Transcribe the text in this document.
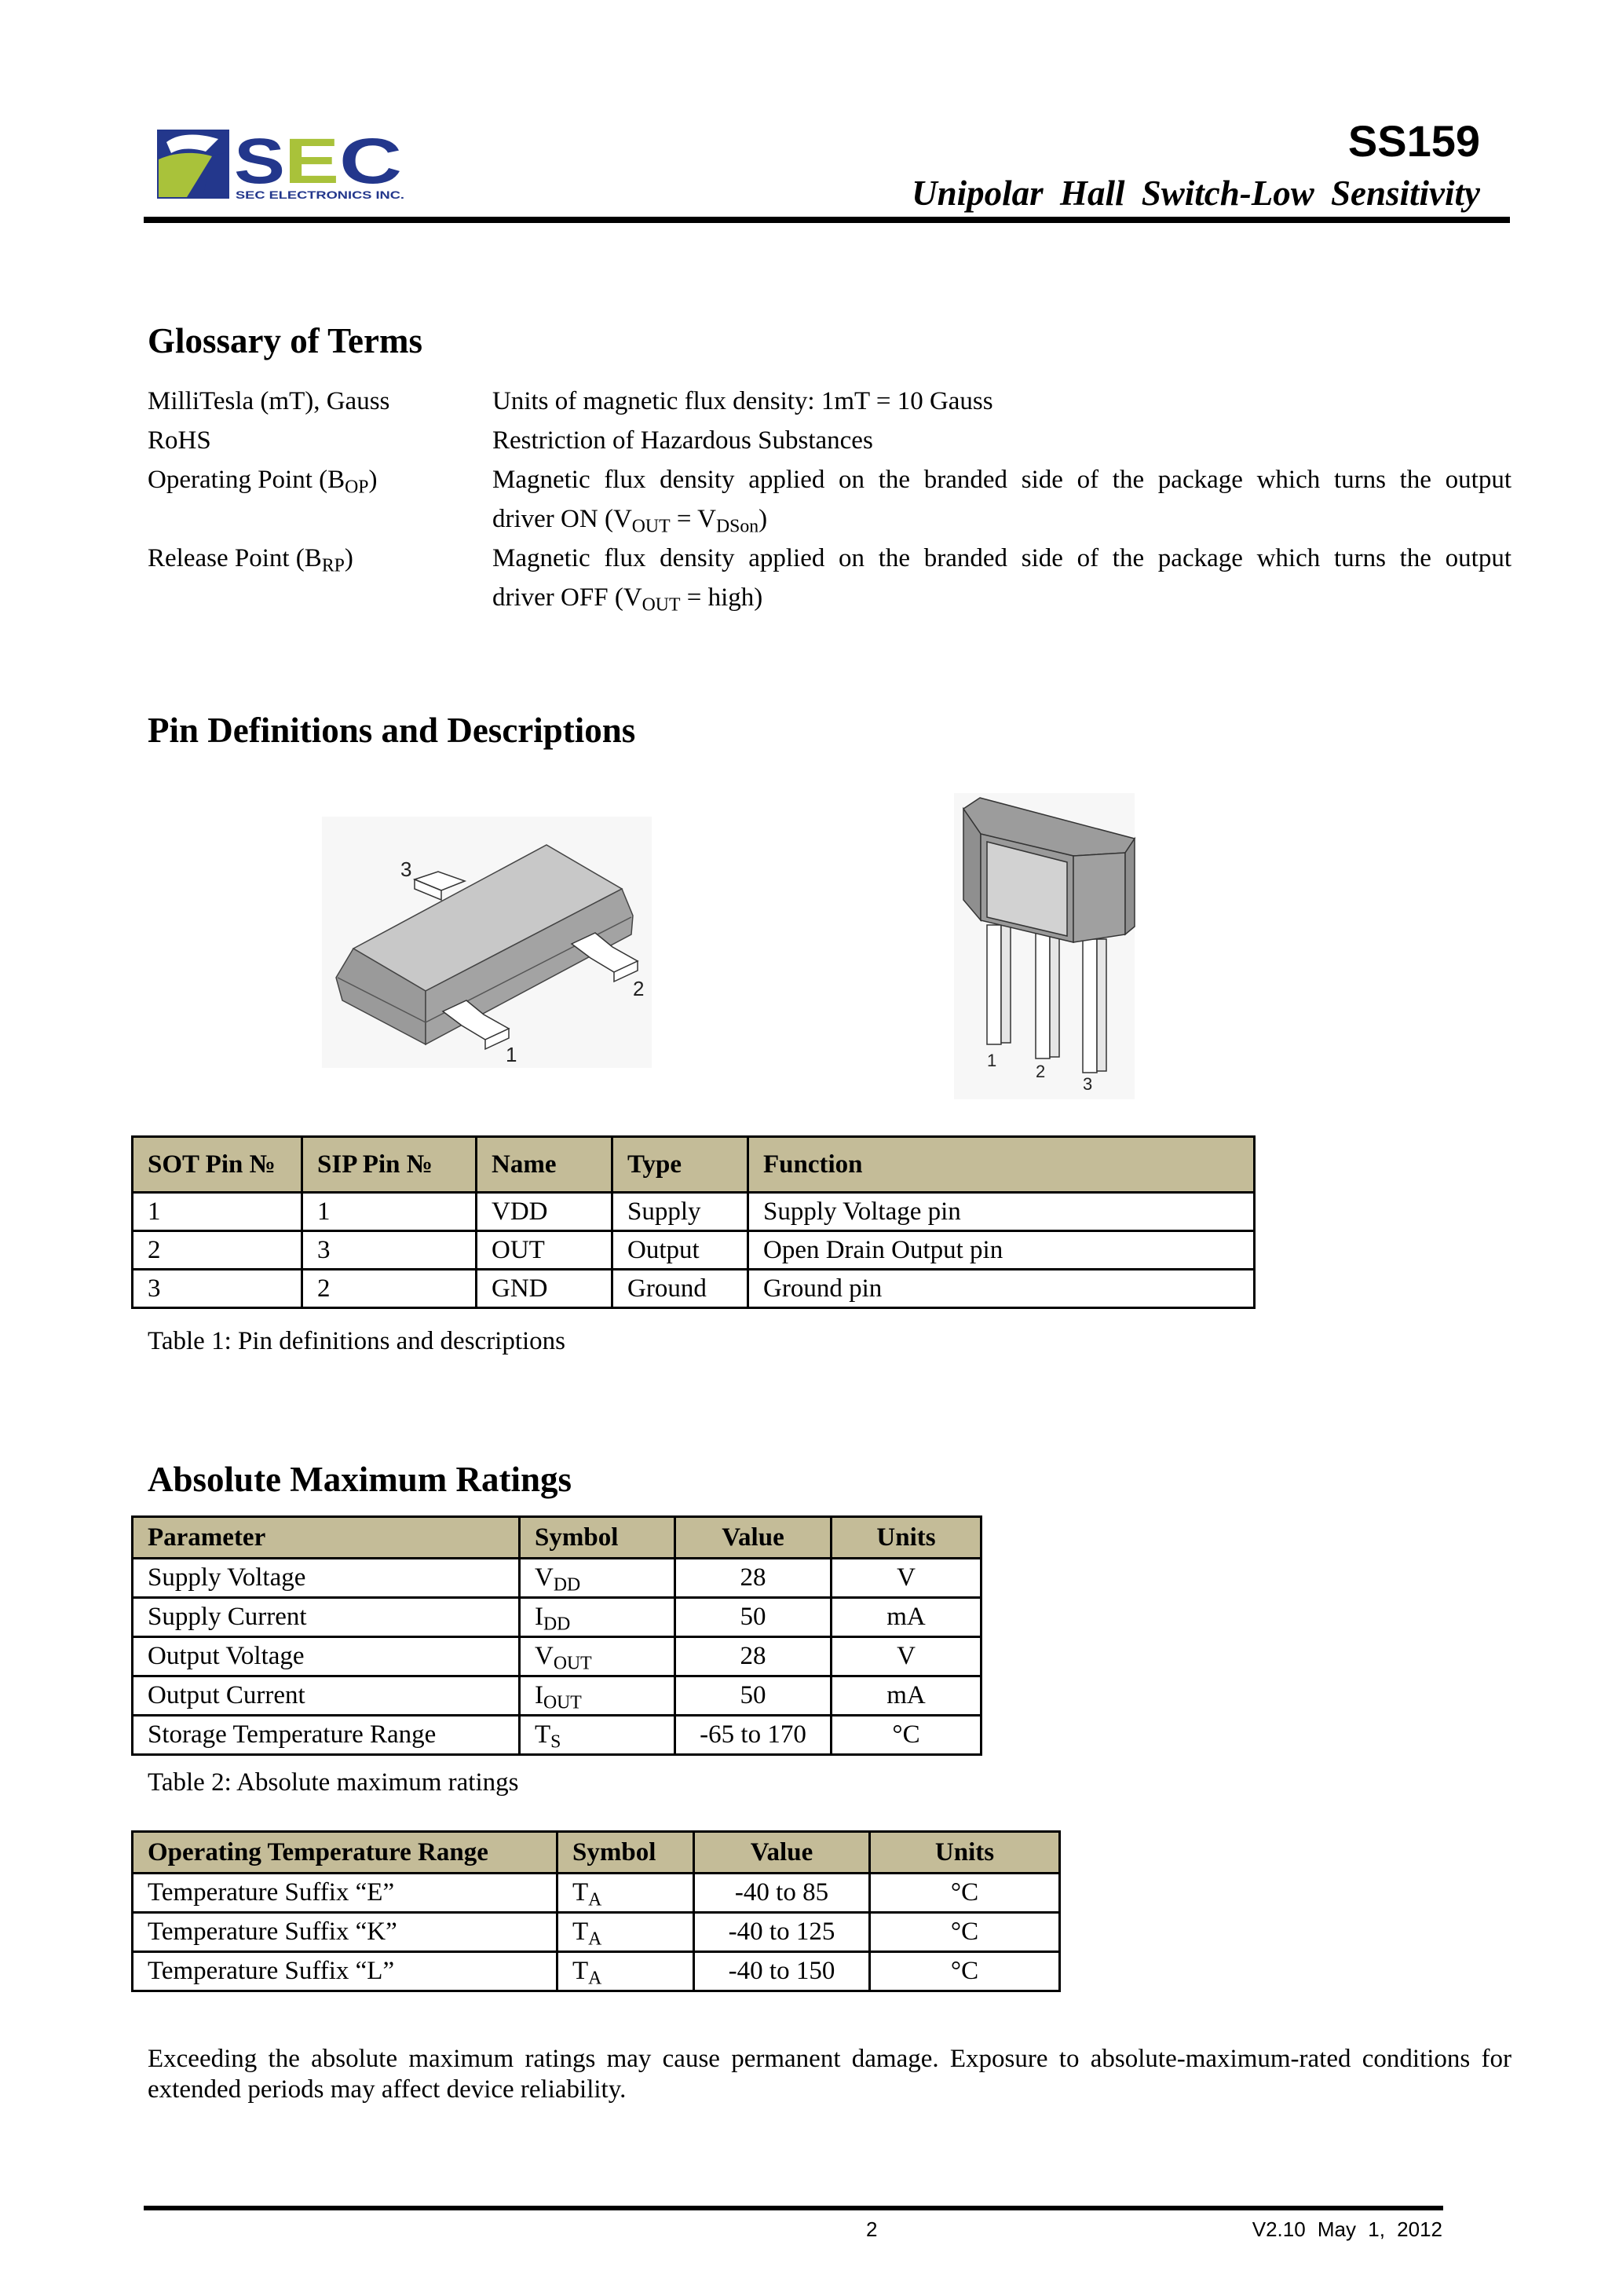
S E C
SEC ELECTRONICS INC.
SS159
Unipolar Hall Switch-Low Sensitivity
Glossary of Terms
MilliTesla (mT), Gauss	Units of magnetic flux density: 1mT = 10 Gauss
RoHS	Restriction of Hazardous Substances
Operating Point $(B_{OP})$	Magnetic flux density applied on the branded side of the package which turns the output
driver ON $(V_{OUT} = V_{DSon})$
Release Point $(B_{RP})$	Magnetic flux density applied on the branded side of the package which turns the output
driver OFF ($V_{OUT}$ = high)
Pin Definitions and Descriptions
3
2
1	1
2
3
SOT Pin №	SIP Pin №	Name	Type	Function
1	1	VDD	Supply	Supply Voltage pin
2	3	OUT	Output	Open Drain Output pin
3	2	GND	Ground	Ground pin
Table 1: Pin definitions and descriptions
Absolute Maximum Ratings
Parameter	Symbol	Value	Units
Supply Voltage	$V_{DD}$	28	V
Supply Current	$I_{DD}$	50	mA
Output Voltage	$V_{OUT}$	28	V
Output Current	$I_{OUT}$	50	mA
Storage Temperature Range	$T_S$	-65 to 170	°C
Table 2: Absolute maximum ratings
Operating Temperature Range	Symbol	Value	Units
Temperature Suffix “E”	$T_A$	-40 to 85	°C
Temperature Suffix “K”	$T_A$	-40 to 125	°C
Temperature Suffix “L”	$T_A$	-40 to 150	°C
Exceeding the absolute maximum ratings may cause permanent damage. Exposure to absolute-maximum-rated conditions for extended periods may affect device reliability.
2	V2.10 May 1, 2012
